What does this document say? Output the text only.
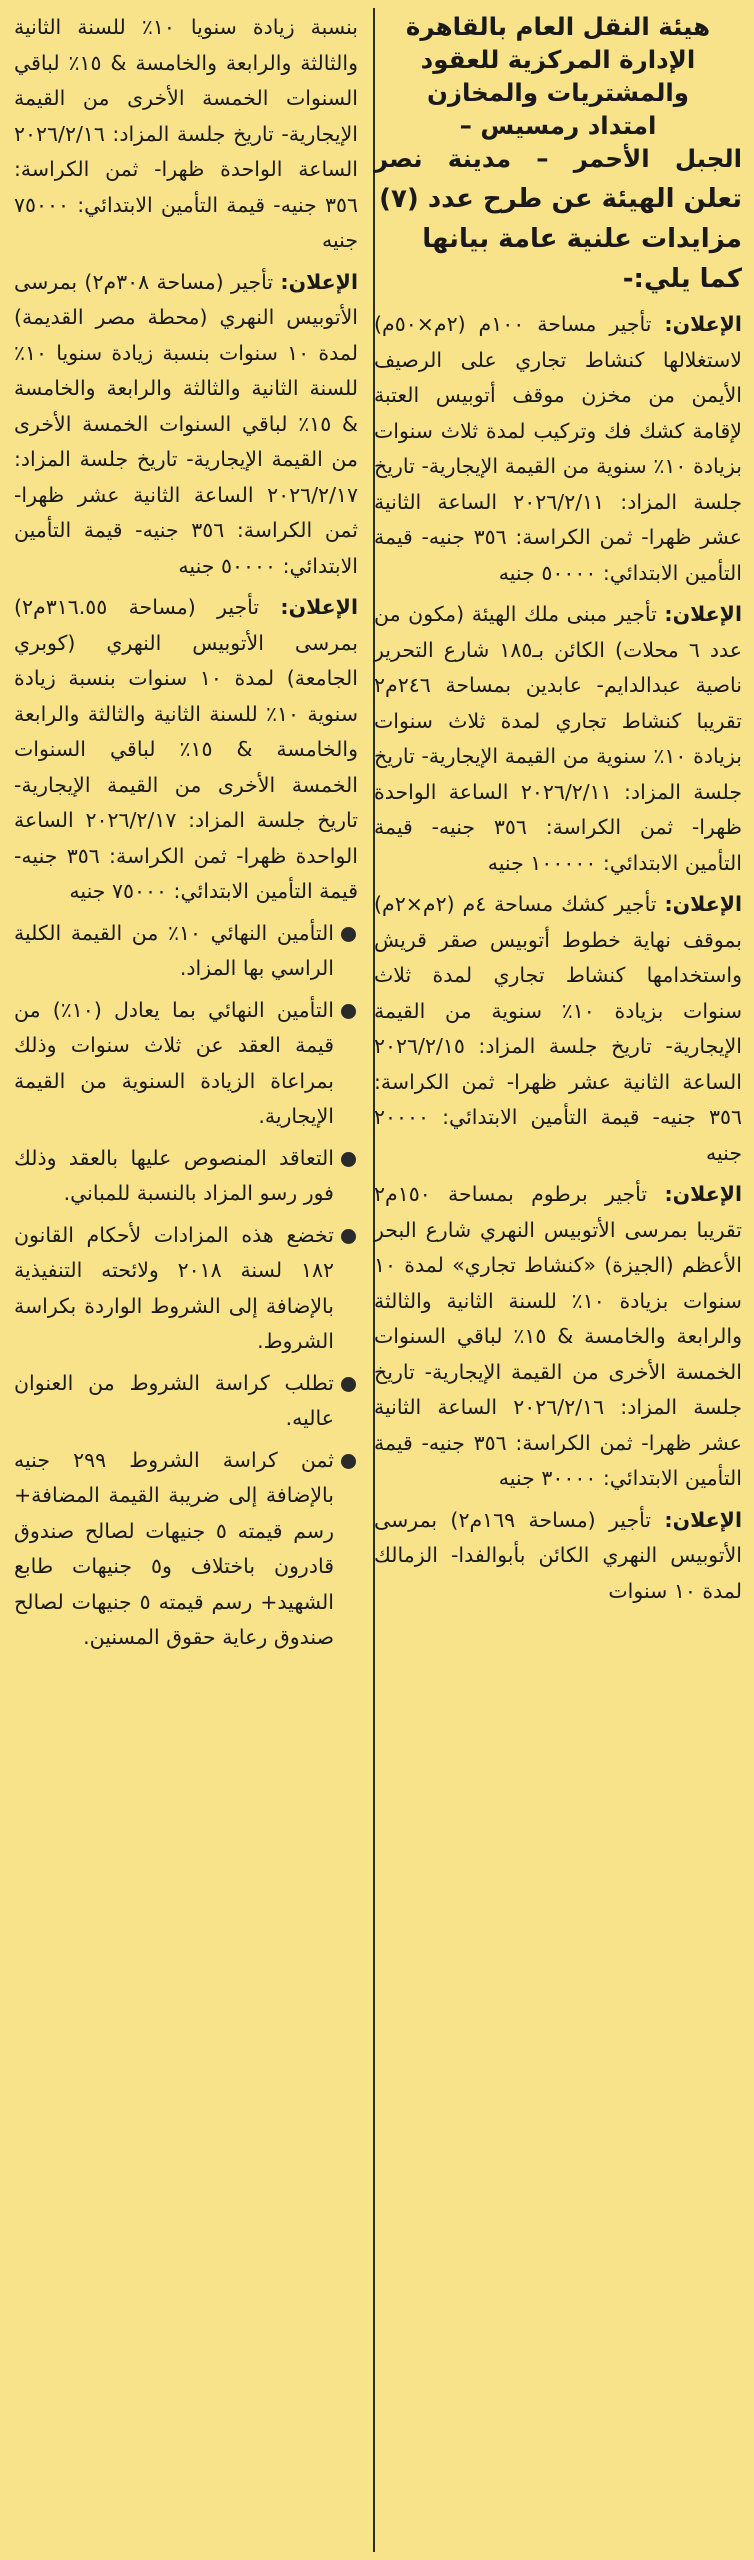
هيئة النقل العام بالقاهرة

الإدارة المركزية للعقود

والمشتريات والمخازن

امتداد رمسيس –

الجبل الأحمر – مدينة نصر

تعلن الهيئة عن طرح عدد (٧)
مزايدات علنية عامة بيانها
كما يلي:-

الإعلان: تأجير مساحة ١٠٠م (٢م×٥٠م) لاستغلالها كنشاط تجاري على الرصيف الأيمن من مخزن موقف أتوبيس العتبة لإقامة كشك فك وتركيب لمدة ثلاث سنوات بزيادة ١٠٪ سنوية من القيمة الإيجارية- تاريخ جلسة المزاد: ٢٠٢٦/٢/١١ الساعة الثانية عشر ظهرا- ثمن الكراسة: ٣٥٦ جنيه- قيمة التأمين الابتدائي: ٥٠٠٠٠ جنيه

الإعلان: تأجير مبنى ملك الهيئة (مكون من عدد ٦ محلات) الكائن بـ١٨٥ شارع التحرير ناصية عبدالدايم- عابدين بمساحة ٢٤٦م٢ تقريبا كنشاط تجاري لمدة ثلاث سنوات بزيادة ١٠٪ سنوية من القيمة الإيجارية- تاريخ جلسة المزاد: ٢٠٢٦/٢/١١ الساعة الواحدة ظهرا- ثمن الكراسة: ٣٥٦ جنيه- قيمة التأمين الابتدائي: ١٠٠٠٠٠ جنيه

الإعلان: تأجير كشك مساحة ٤م (٢م×٢م) بموقف نهاية خطوط أتوبيس صقر قريش واستخدامها كنشاط تجاري لمدة ثلاث سنوات بزيادة ١٠٪ سنوية من القيمة الإيجارية- تاريخ جلسة المزاد: ٢٠٢٦/٢/١٥ الساعة الثانية عشر ظهرا- ثمن الكراسة: ٣٥٦ جنيه- قيمة التأمين الابتدائي: ٢٠٠٠٠ جنيه

الإعلان: تأجير برطوم بمساحة ١٥٠م٢ تقريبا بمرسى الأتوبيس النهري شارع البحر الأعظم (الجيزة) «كنشاط تجاري» لمدة ١٠ سنوات بزيادة ١٠٪ للسنة الثانية والثالثة والرابعة والخامسة & ١٥٪ لباقي السنوات الخمسة الأخرى من القيمة الإيجارية- تاريخ جلسة المزاد: ٢٠٢٦/٢/١٦ الساعة الثانية عشر ظهرا- ثمن الكراسة: ٣٥٦ جنيه- قيمة التأمين الابتدائي: ٣٠٠٠٠ جنيه

الإعلان: تأجير (مساحة ١٦٩م٢) بمرسى الأتوبيس النهري الكائن بأبوالفدا- الزمالك لمدة ١٠ سنوات

بنسبة زيادة سنويا ١٠٪ للسنة الثانية والثالثة والرابعة والخامسة & ١٥٪ لباقي السنوات الخمسة الأخرى من القيمة الإيجارية- تاريخ جلسة المزاد: ٢٠٢٦/٢/١٦ الساعة الواحدة ظهرا- ثمن الكراسة: ٣٥٦ جنيه- قيمة التأمين الابتدائي: ٧٥٠٠٠ جنيه

الإعلان: تأجير (مساحة ٣٠٨م٢) بمرسى الأتوبيس النهري (محطة مصر القديمة) لمدة ١٠ سنوات بنسبة زيادة سنويا ١٠٪ للسنة الثانية والثالثة والرابعة والخامسة & ١٥٪ لباقي السنوات الخمسة الأخرى من القيمة الإيجارية- تاريخ جلسة المزاد: ٢٠٢٦/٢/١٧ الساعة الثانية عشر ظهرا- ثمن الكراسة: ٣٥٦ جنيه- قيمة التأمين الابتدائي: ٥٠٠٠٠ جنيه

الإعلان: تأجير (مساحة ٣١٦.٥٥م٢) بمرسى الأتوبيس النهري (كوبري الجامعة) لمدة ١٠ سنوات بنسبة زيادة سنوية ١٠٪ للسنة الثانية والثالثة والرابعة والخامسة & ١٥٪ لباقي السنوات الخمسة الأخرى من القيمة الإيجارية- تاريخ جلسة المزاد: ٢٠٢٦/٢/١٧ الساعة الواحدة ظهرا- ثمن الكراسة: ٣٥٦ جنيه- قيمة التأمين الابتدائي: ٧٥٠٠٠ جنيه

التأمين النهائي ١٠٪ من القيمة الكلية الراسي بها المزاد.

التأمين النهائي بما يعادل (١٠٪) من قيمة العقد عن ثلاث سنوات وذلك بمراعاة الزيادة السنوية من القيمة الإيجارية.

التعاقد المنصوص عليها بالعقد وذلك فور رسو المزاد بالنسبة للمباني.

تخضع هذه المزادات لأحكام القانون ١٨٢ لسنة ٢٠١٨ ولائحته التنفيذية بالإضافة إلى الشروط الواردة بكراسة الشروط.

تطلب كراسة الشروط من العنوان عاليه.

ثمن كراسة الشروط ٢٩٩ جنيه بالإضافة إلى ضريبة القيمة المضافة+ رسم قيمته ٥ جنيهات لصالح صندوق قادرون باختلاف و٥ جنيهات طابع الشهيد+ رسم قيمته ٥ جنيهات لصالح صندوق رعاية حقوق المسنين.
